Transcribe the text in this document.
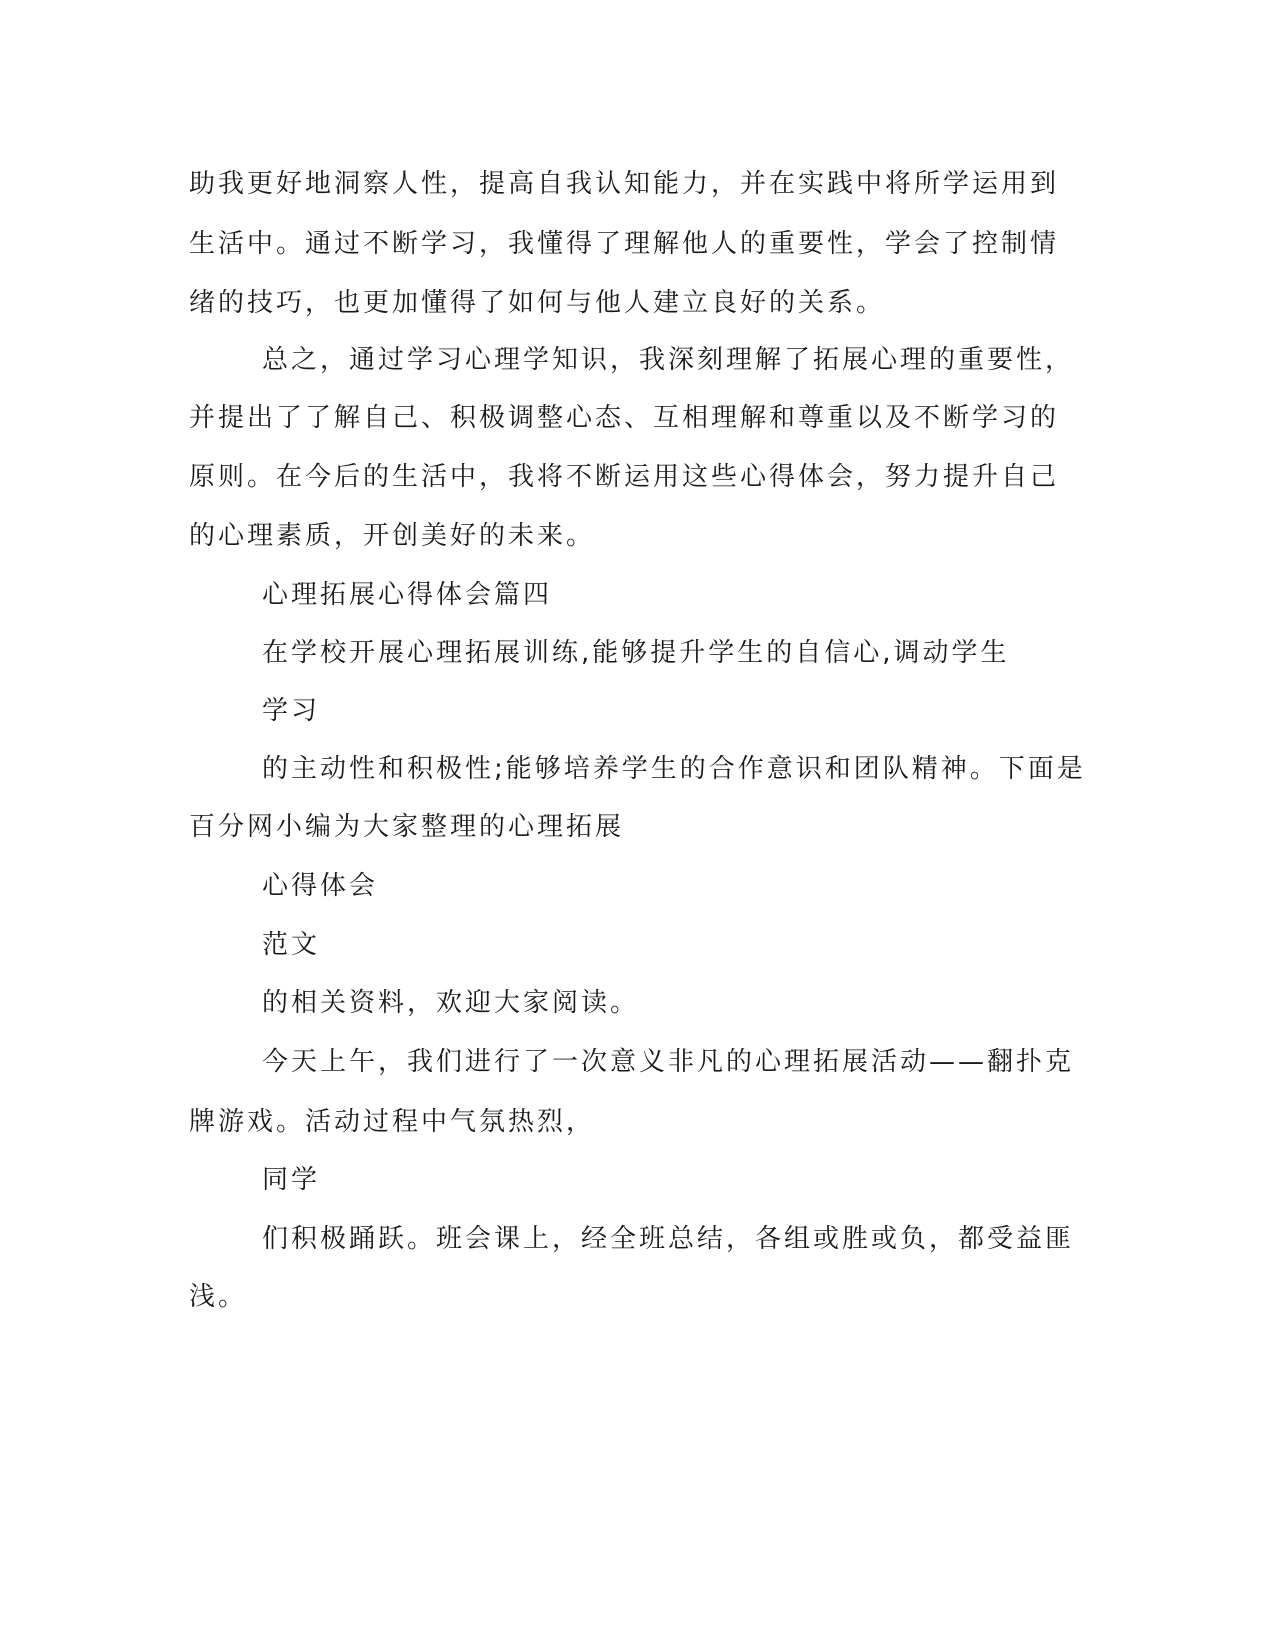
助我更好地洞察人性，提高自我认知能力，并在实践中将所学运用到
生活中。通过不断学习，我懂得了理解他人的重要性，学会了控制情
绪的技巧，也更加懂得了如何与他人建立良好的关系。
总之，通过学习心理学知识，我深刻理解了拓展心理的重要性，
并提出了了解自己、积极调整心态、互相理解和尊重以及不断学习的
原则。在今后的生活中，我将不断运用这些心得体会，努力提升自己
的心理素质，开创美好的未来。
心理拓展心得体会篇四
在学校开展心理拓展训练,能够提升学生的自信心,调动学生
学习
的主动性和积极性;能够培养学生的合作意识和团队精神。下面是
百分网小编为大家整理的心理拓展
心得体会
范文
的相关资料，欢迎大家阅读。
今天上午，我们进行了一次意义非凡的心理拓展活动——翻扑克
牌游戏。活动过程中气氛热烈，
同学
们积极踊跃。班会课上，经全班总结，各组或胜或负，都受益匪
浅。
